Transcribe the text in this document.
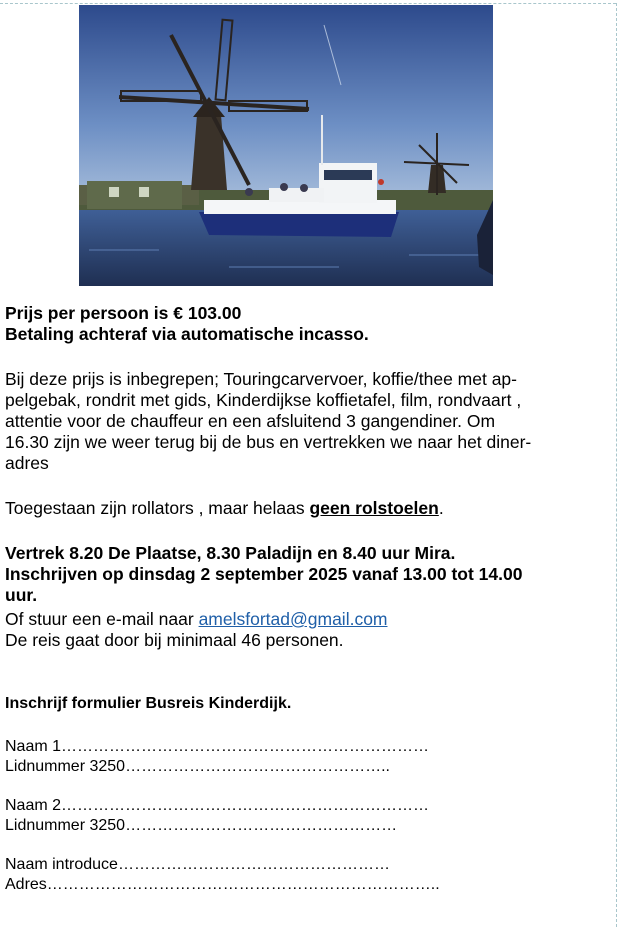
Prijs per persoon is € 103.00
Betaling achteraf via automatische incasso.
Bij deze prijs is inbegrepen; Touringcarvervoer, koffie/thee met ap-
pelgebak, rondrit met gids, Kinderdijkse koffietafel, film, rondvaart ,
attentie voor de chauffeur en een afsluitend 3 gangendiner. Om
16.30 zijn we weer terug bij de bus en vertrekken we naar het diner-
adres
Toegestaan zijn rollators , maar helaas geen rolstoelen.
Vertrek 8.20 De Plaatse, 8.30 Paladijn en 8.40 uur Mira.
Inschrijven op dinsdag 2 september 2025 vanaf 13.00 tot 14.00
uur.
Of stuur een e-mail naar amelsfortad@gmail.com
De reis gaat door bij minimaal 46 personen.
Inschrijf formulier Busreis Kinderdijk.
Naam 1……………………………………………………………
Lidnummer 3250…………………………………………..
Naam 2……………………………………………………………
Lidnummer 3250……………………………………………
Naam introduce……………………………………………
Adres………………………………………………………………..
